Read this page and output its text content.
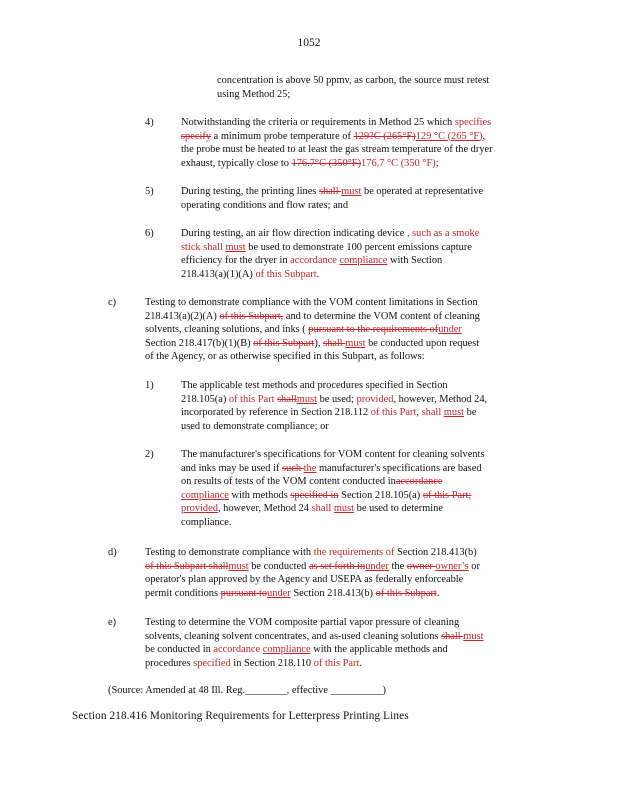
1052
concentration is above 50 ppmv, as carbon, the source must retest
using Method 25;
4)	Notwithstanding the criteria or requirements in Method 25 which specifies
specify a minimum probe temperature of 129?C (265°F)129 °C (265 °F),
the probe must be heated to at least the gas stream temperature of the dryer
exhaust, typically close to 176.7°C (350°F)176.7 °C (350 °F);
5)	During testing, the printing lines shall must be operated at representative
operating conditions and flow rates; and
6)	During testing, an air flow direction indicating device , such as a smoke
stick shall must be used to demonstrate 100 percent emissions capture
efficiency for the dryer in accordance compliance with Section
218.413(a)(1)(A) of this Subpart.
c)	Testing to demonstrate compliance with the VOM content limitations in Section
218.413(a)(2)(A) of this Subpart, and to determine the VOM content of cleaning
solvents, cleaning solutions, and inks ( pursuant to the requirements ofunder
Section 218.417(b)(1)(B) of this Subpart), shall must be conducted upon request
of the Agency, or as otherwise specified in this Subpart, as follows:
1)	The applicable test methods and procedures specified in Section
218.105(a) of this Part shallmust be used; provided, however, Method 24,
incorporated by reference in Section 218.112 of this Part, shall must be
used to demonstrate compliance; or
2)	The manufacturer's specifications for VOM content for cleaning solvents
and inks may be used if such the manufacturer's specifications are based
on results of tests of the VOM content conducted inaccordance
compliance with methods specified in Section 218.105(a) of this Part;
provided, however, Method 24 shall must be used to determine
compliance.
d)	Testing to demonstrate compliance with the requirements of Section 218.413(b)
of this Subpart shallmust be conducted as set forth inunder the owner owner’s or
operator's plan approved by the Agency and USEPA as federally enforceable
permit conditions pursuant tounder Section 218.413(b) of this Subpart.
e)	Testing to determine the VOM composite partial vapor pressure of cleaning
solvents, cleaning solvent concentrates, and as-used cleaning solutions shall must
be conducted in accordance compliance with the applicable methods and
procedures specified in Section 218.110 of this Part.
(Source: Amended at 48 Ill. Reg.________, effective __________)
Section 218.416 Monitoring Requirements for Letterpress Printing Lines
